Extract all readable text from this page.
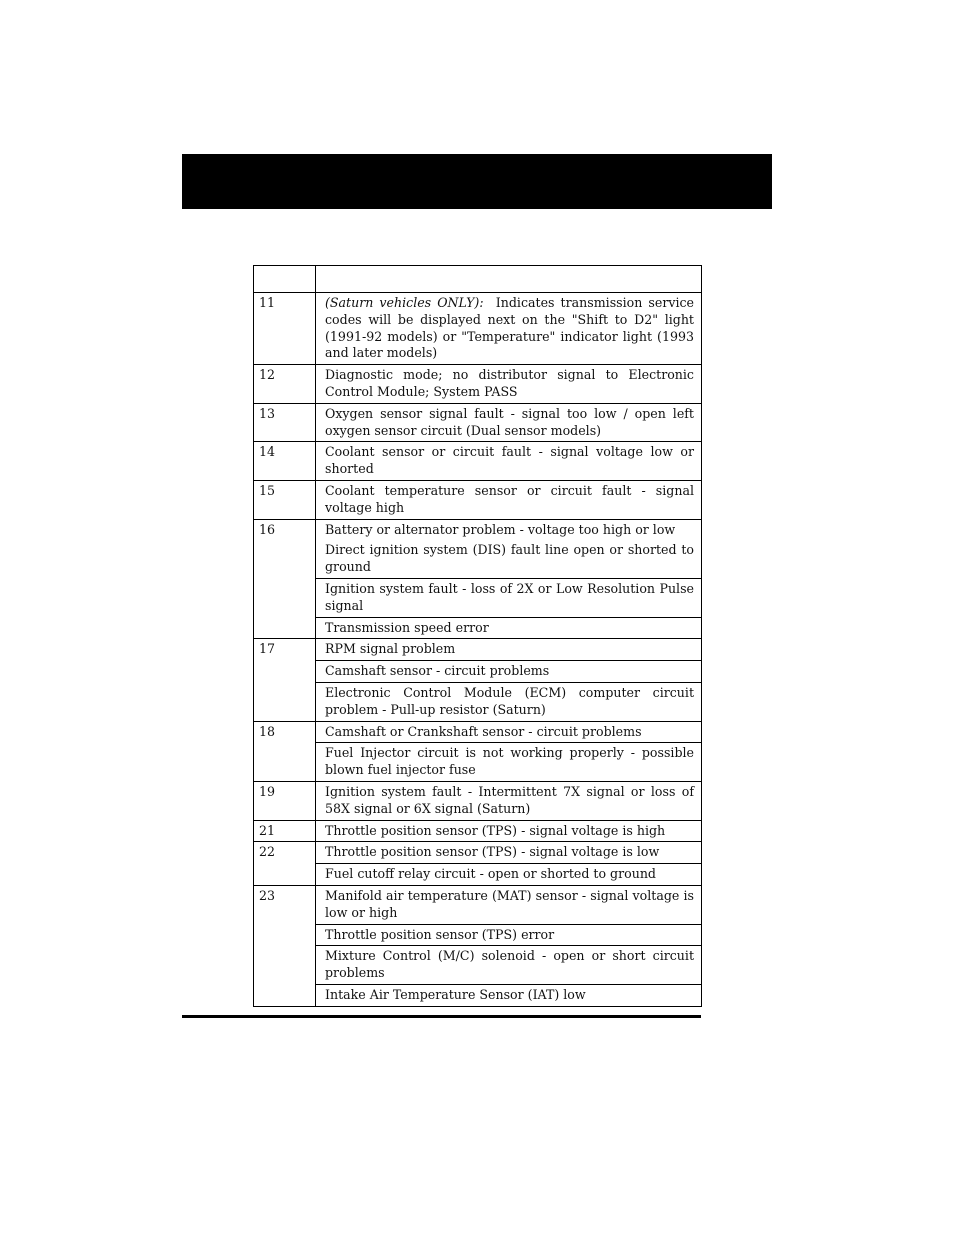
11	(Saturn vehicles ONLY): Indicates transmission service codes will be displayed next on the "Shift to D2" light (1991-92 models) or "Temperature" indicator light (1993 and later models)
12	Diagnostic mode; no distributor signal to Electronic Control Module; System PASS
13	Oxygen sensor signal fault - signal too low / open left oxygen sensor circuit (Dual sensor models)
14	Coolant sensor or circuit fault - signal voltage low or shorted
15	Coolant temperature sensor or circuit fault - signal voltage high
16	Battery or alternator problem - voltage too high or low
	Direct ignition system (DIS) fault line open or shorted to ground
	Ignition system fault - loss of 2X or Low Resolution Pulse signal
	Transmission speed error
17	RPM signal problem
	Camshaft sensor - circuit problems
	Electronic Control Module (ECM) computer circuit problem - Pull-up resistor (Saturn)
18	Camshaft or Crankshaft sensor - circuit problems
	Fuel Injector circuit is not working properly - possible blown fuel injector fuse
19	Ignition system fault - Intermittent 7X signal or loss of 58X signal or 6X signal (Saturn)
21	Throttle position sensor (TPS) - signal voltage is high
22	Throttle position sensor (TPS) - signal voltage is low
	Fuel cutoff relay circuit - open or shorted to ground
23	Manifold air temperature (MAT) sensor - signal voltage is low or high
	Throttle position sensor (TPS) error
	Mixture Control (M/C) solenoid - open or short circuit problems
	Intake Air Temperature Sensor (IAT) low
